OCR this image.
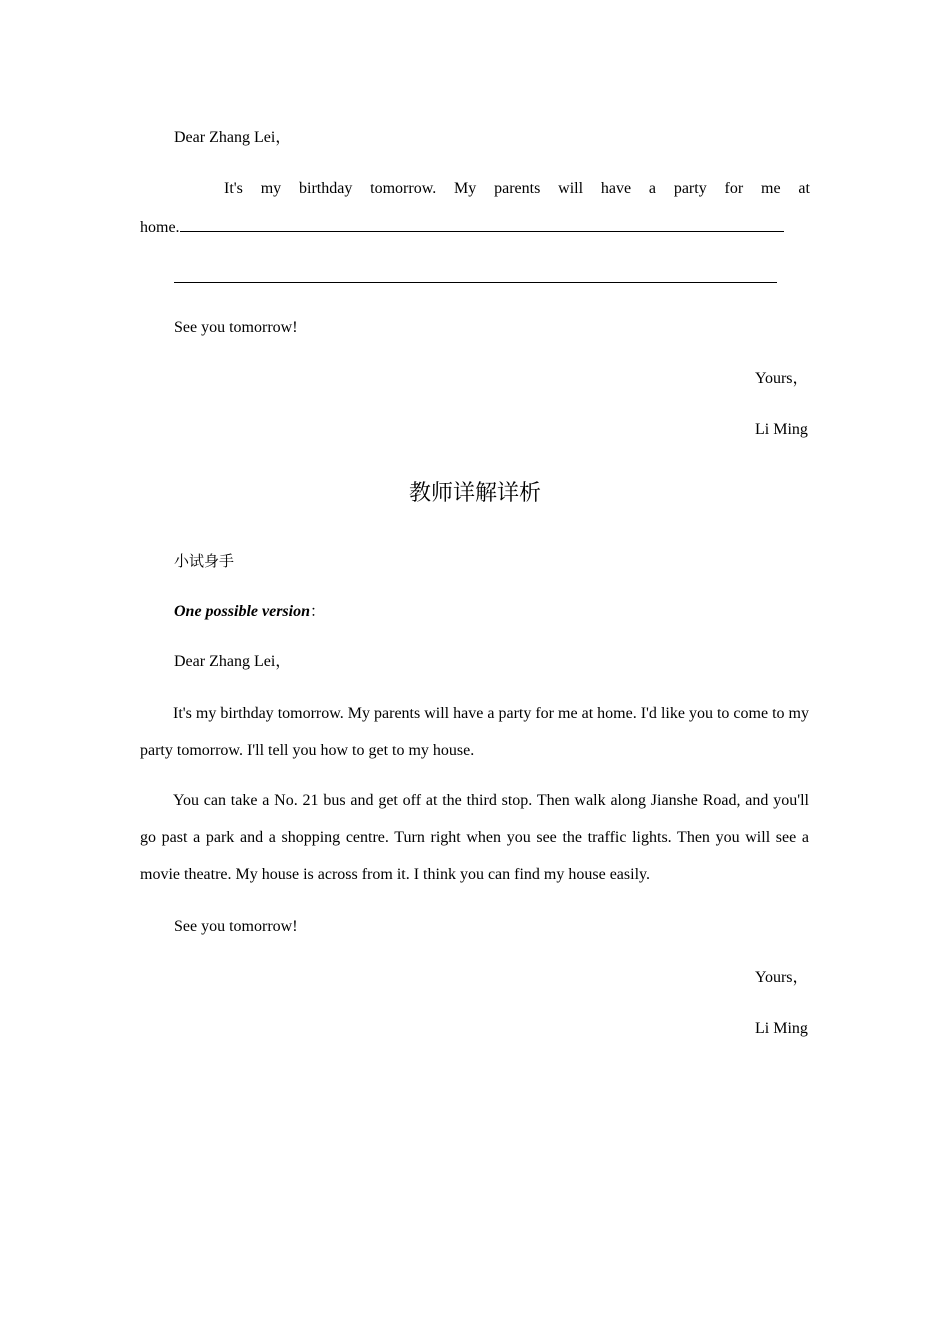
Dear Zhang Lei，
It's my birthday tomorrow. My parents will have a party for me at
home.
See you tomorrow!
Yours，
Li Ming
教师详解详析
小试身手
One possible version：
Dear Zhang Lei，
It's my birthday tomorrow. My parents will have a party for me at home. I'd like you to come to my party tomorrow. I'll tell you how to get to my house.
You can take a No. 21 bus and get off at the third stop. Then walk along Jianshe Road, and you'll go past a park and a shopping centre. Turn right when you see the traffic lights. Then you will see a movie theatre. My house is across from it. I think you can find my house easily.
See you tomorrow!
Yours，
Li Ming
